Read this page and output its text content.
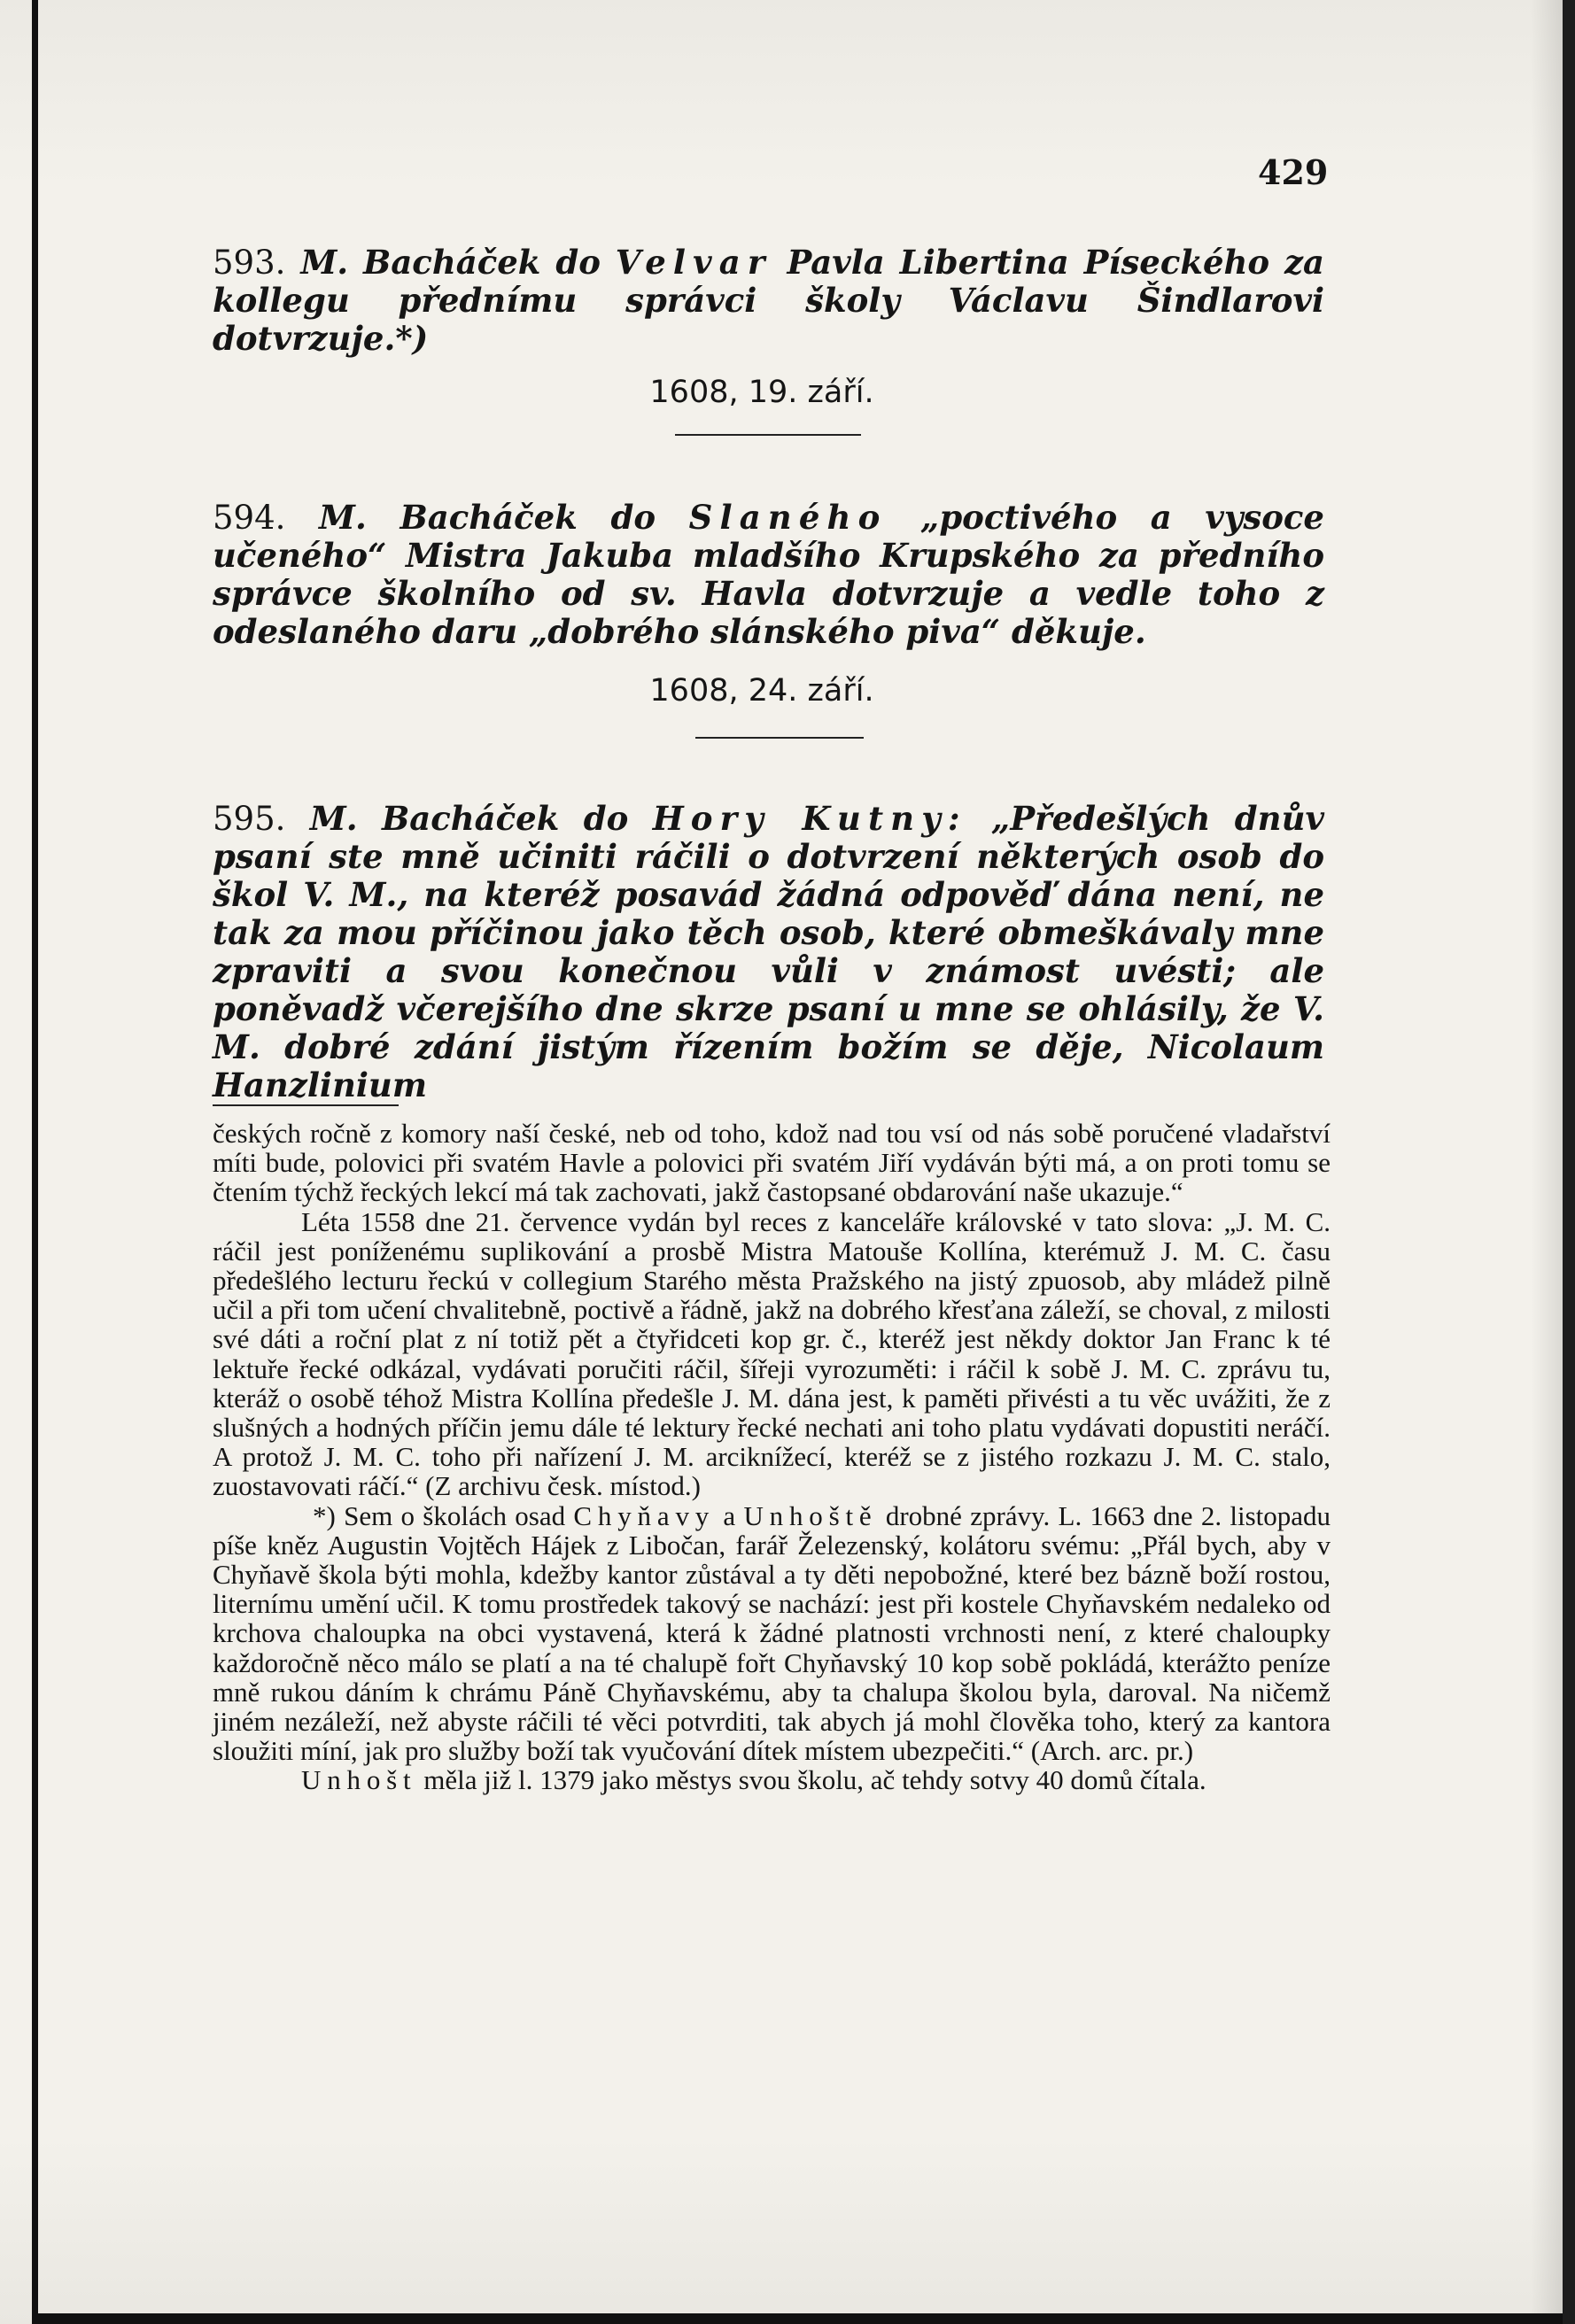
429
593. M. Bacháček do Velvar Pavla Libertina Píseckého za kollegu přednímu správci školy Václavu Šindlarovi dotvrzuje.*)
1608, 19. září.
594. M. Bacháček do Slaného „poctivého a vysoce učeného“ Mistra Jakuba mladšího Krupského za předního správce školního od sv. Havla dotvrzuje a vedle toho z odeslaného daru „dobrého slánského piva“ děkuje.
1608, 24. září.
595. M. Bacháček do Hory Kutny: „Předešlých dnův psaní ste mně učiniti ráčili o dotvrzení některých osob do škol V. M., na kteréž posavád žádná odpověď dána není, ne tak za mou příčinou jako těch osob, které obmeškávaly mne zpraviti a svou konečnou vůli v známost uvésti; ale poněvadž včerejšího dne skrze psaní u mne se ohlásily, že V. M. dobré zdání jistým řízením božím se děje, Nicolaum Hanzlinium

českých ročně z komory naší české, neb od toho, kdož nad tou vsí od nás sobě poručené vladařství míti bude, polovici při svatém Havle a polovici při svatém Jiří vydáván býti má, a on proti tomu se čtením týchž řeckých lekcí má tak zachovati, jakž častopsané obdarování naše ukazuje.“

Léta 1558 dne 21. července vydán byl reces z kanceláře královské v tato slova: „J. M. C. ráčil jest poníženému suplikování a prosbě Mistra Matouše Kollína, kterémuž J. M. C. času předešlého lecturu řeckú v collegium Starého města Pražského na jistý zpuosob, aby mládež pilně učil a při tom učení chvalitebně, poctivě a řádně, jakž na dobrého křesťana záleží, se choval, z milosti své dáti a roční plat z ní totiž pět a čtyřidceti kop gr. č., kteréž jest někdy doktor Jan Franc k té lektuře řecké odkázal, vydávati poručiti ráčil, šířeji vyrozuměti: i ráčil k sobě J. M. C. zprávu tu, kteráž o osobě téhož Mistra Kollína předešle J. M. dána jest, k paměti přivésti a tu věc uvážiti, že z slušných a hodných příčin jemu dále té lektury řecké nechati ani toho platu vydávati dopustiti neráčí. A protož J. M. C. toho při nařízení J. M. arciknížecí, kteréž se z jistého rozkazu J. M. C. stalo, zuostavovati ráčí.“ (Z archivu česk. místod.)

*) Sem o školách osad Chyňavy a Unhoště drobné zprávy. L. 1663 dne 2. listopadu píše kněz Augustin Vojtěch Hájek z Libočan, farář Železenský, kolátoru svému: „Přál bych, aby v Chyňavě škola býti mohla, kdežby kantor zůstával a ty děti nepobožné, které bez bázně boží rostou, liternímu umění učil. K tomu prostředek takový se nachází: jest při kostele Chyňavském nedaleko od krchova chaloupka na obci vystavená, která k žádné platnosti vrchnosti není, z které chaloupky každoročně něco málo se platí a na té chalupě fořt Chyňavský 10 kop sobě pokládá, kterážto peníze mně rukou dáním k chrámu Páně Chyňavskému, aby ta chalupa školou byla, daroval. Na ničemž jiném nezáleží, než abyste ráčili té věci potvrditi, tak abych já mohl člověka toho, který za kantora sloužiti míní, jak pro služby boží tak vyučování dítek místem ubezpečiti.“ (Arch. arc. pr.)

Unhošt měla již l. 1379 jako městys svou školu, ač tehdy sotvy 40 domů čítala.
